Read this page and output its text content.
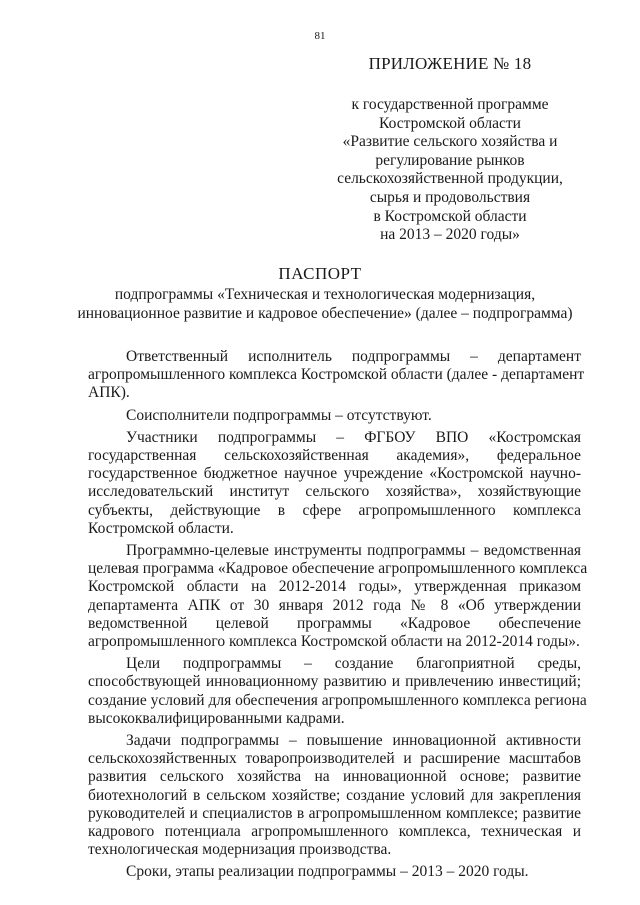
81
ПРИЛОЖЕНИЕ № 18
к государственной программе
Костромской области
«Развитие сельского хозяйства и
регулирование рынков
сельскохозяйственной продукции,
сырья и продовольствия
в Костромской области
на 2013 – 2020 годы»
ПАСПОРТ
подпрограммы «Техническая и технологическая модернизация,
инновационное развитие и кадровое обеспечение» (далее – подпрограмма)

Ответственный исполнитель подпрограммы – департамент
агропромышленного комплекса Костромской области (далее - департамент
АПК).

Соисполнители подпрограммы – отсутствуют.

Участники подпрограммы – ФГБОУ ВПО «Костромская
государственная сельскохозяйственная академия», федеральное
государственное бюджетное научное учреждение «Костромской научно-
исследовательский институт сельского хозяйства», хозяйствующие
субъекты, действующие в сфере агропромышленного комплекса
Костромской области.

Программно-целевые инструменты подпрограммы – ведомственная
целевая программа «Кадровое обеспечение агропромышленного комплекса
Костромской области на 2012-2014 годы», утвержденная приказом
департамента АПК от 30 января 2012 года № 8 «Об утверждении
ведомственной целевой программы «Кадровое обеспечение
агропромышленного комплекса Костромской области на 2012-2014 годы».

Цели подпрограммы – создание благоприятной среды,
способствующей инновационному развитию и привлечению инвестиций;
создание условий для обеспечения агропромышленного комплекса региона
высококвалифицированными кадрами.

Задачи подпрограммы – повышение инновационной активности
сельскохозяйственных товаропроизводителей и расширение масштабов
развития сельского хозяйства на инновационной основе; развитие
биотехнологий в сельском хозяйстве; создание условий для закрепления
руководителей и специалистов в агропромышленном комплексе; развитие
кадрового потенциала агропромышленного комплекса, техническая и
технологическая модернизация производства.

Сроки, этапы реализации подпрограммы – 2013 – 2020 годы.
